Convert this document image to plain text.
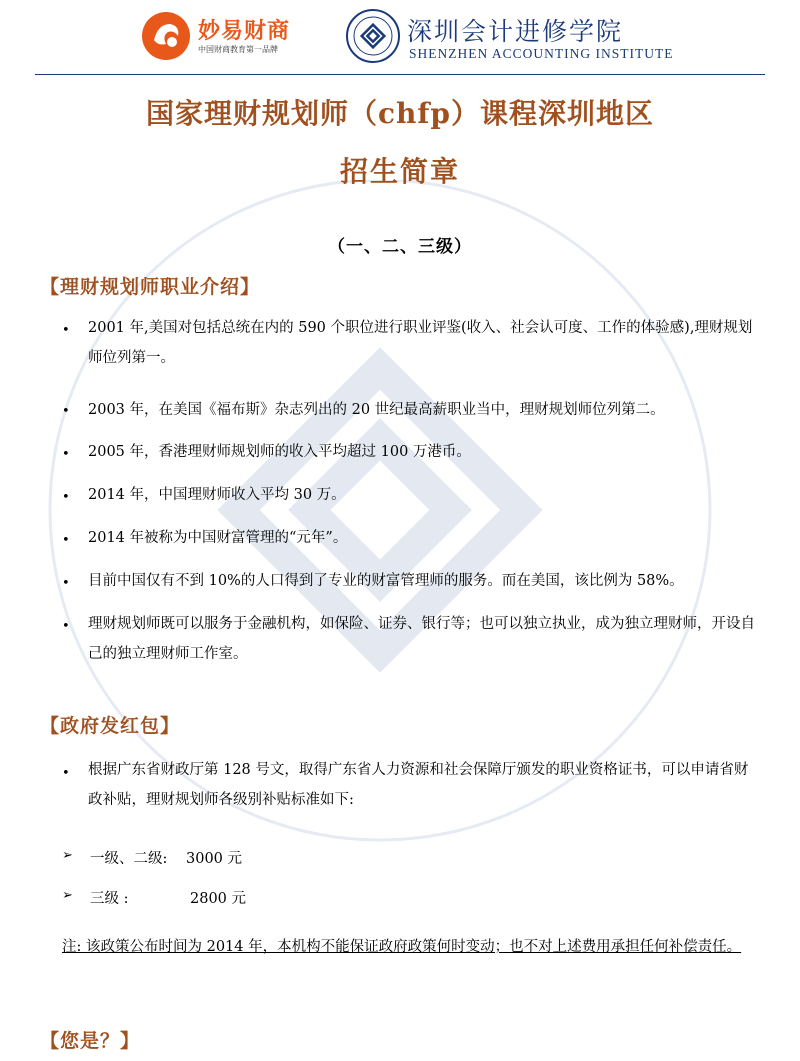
妙易财商
中国财商教育第一品牌
深圳会计进修学院
SHENZHEN ACCOUNTING INSTITUTE
国家理财规划师（chfp）课程深圳地区
招生简章
（一、二、三级）
【理财规划师职业介绍】
• 2001 年,美国对包括总统在内的 590 个职位进行职业评鉴(收入、社会认可度、工作的体验感),理财规划师位列第一。
• 2003 年，在美国《福布斯》杂志列出的 20 世纪最高薪职业当中，理财规划师位列第二。
• 2005 年，香港理财师规划师的收入平均超过 100 万港币。
• 2014 年，中国理财师收入平均 30 万。
• 2014 年被称为中国财富管理的“元年”。
• 目前中国仅有不到 10%的人口得到了专业的财富管理师的服务。而在美国，该比例为 58%。
• 理财规划师既可以服务于金融机构，如保险、证券、银行等；也可以独立执业，成为独立理财师，开设自己的独立理财师工作室。
【政府发红包】
• 根据广东省财政厅第 128 号文，取得广东省人力资源和社会保障厅颁发的职业资格证书，可以申请省财政补贴，理财规划师各级别补贴标准如下:
➢ 一级、二级: 3000 元
➢ 三级 :	2800 元
注: 该政策公布时间为 2014 年，本机构不能保证政府政策何时变动；也不对上述费用承担任何补偿责任。
【您是？】
